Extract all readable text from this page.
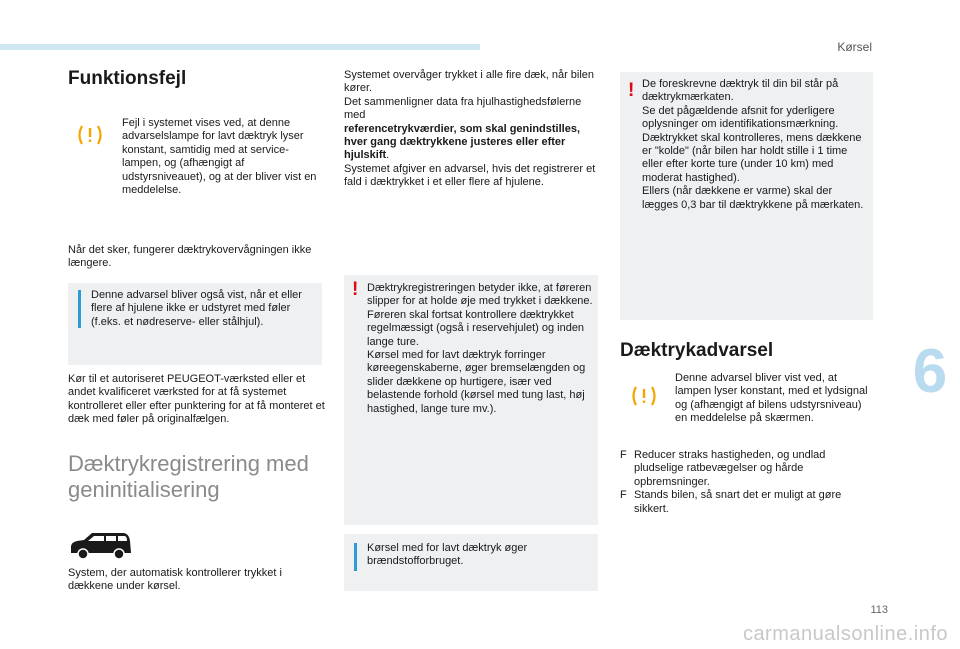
Kørsel
Funktionsfejl
Fejl i systemet vises ved, at denne advarselslampe for lavt dæktryk lyser konstant, samtidig med at service-lampen, og (afhængigt af udstyrsniveauet), og at der bliver vist en meddelelse.
Når det sker, fungerer dæktrykovervågningen ikke længere.
Denne advarsel bliver også vist, når et eller flere af hjulene ikke er udstyret med føler (f.eks. et nødreserve- eller stålhjul).
Kør til et autoriseret PEUGEOT-værksted eller et andet kvalificeret værksted for at få systemet kontrolleret eller efter punktering for at få monteret et dæk med føler på originalfælgen.
Dæktrykregistrering med
geninitialisering
System, der automatisk kontrollerer trykket i dækkene under kørsel.
Systemet overvåger trykket i alle fire dæk, når bilen kører.
Det sammenligner data fra hjulhastighedsfølerne med
referencetrykværdier, som skal genindstilles, hver gang dæktrykkene justeres eller efter hjulskift.
Systemet afgiver en advarsel, hvis det registrerer et fald i dæktrykket i et eller flere af hjulene.
! Dæktrykregistreringen betyder ikke, at føreren slipper for at holde øje med trykket i dækkene.
Føreren skal fortsat kontrollere dæktrykket regelmæssigt (også i reservehjulet) og inden lange ture.
Kørsel med for lavt dæktryk forringer køreegenskaberne, øger bremselængden og slider dækkene op hurtigere, især ved belastende forhold (kørsel med tung last, høj hastighed, lange ture mv.).
Kørsel med for lavt dæktryk øger brændstofforbruget.
! De foreskrevne dæktryk til din bil står på dæktrykmærkaten.
Se det pågældende afsnit for yderligere oplysninger om identifikationsmærkning.
Dæktrykket skal kontrolleres, mens dækkene er "kolde" (når bilen har holdt stille i 1 time eller efter korte ture (under 10 km) med moderat hastighed).
Ellers (når dækkene er varme) skal der lægges 0,3 bar til dæktrykkene på mærkaten.
Dæktrykadvarsel
Denne advarsel bliver vist ved, at lampen lyser konstant, med et lydsignal og (afhængigt af bilens udstyrsniveau) en meddelelse på skærmen.
F Reducer straks hastigheden, og undlad pludselige ratbevægelser og hårde opbremsninger.
F Stands bilen, så snart det er muligt at gøre sikkert.
6
113
carmanualsonline.info
